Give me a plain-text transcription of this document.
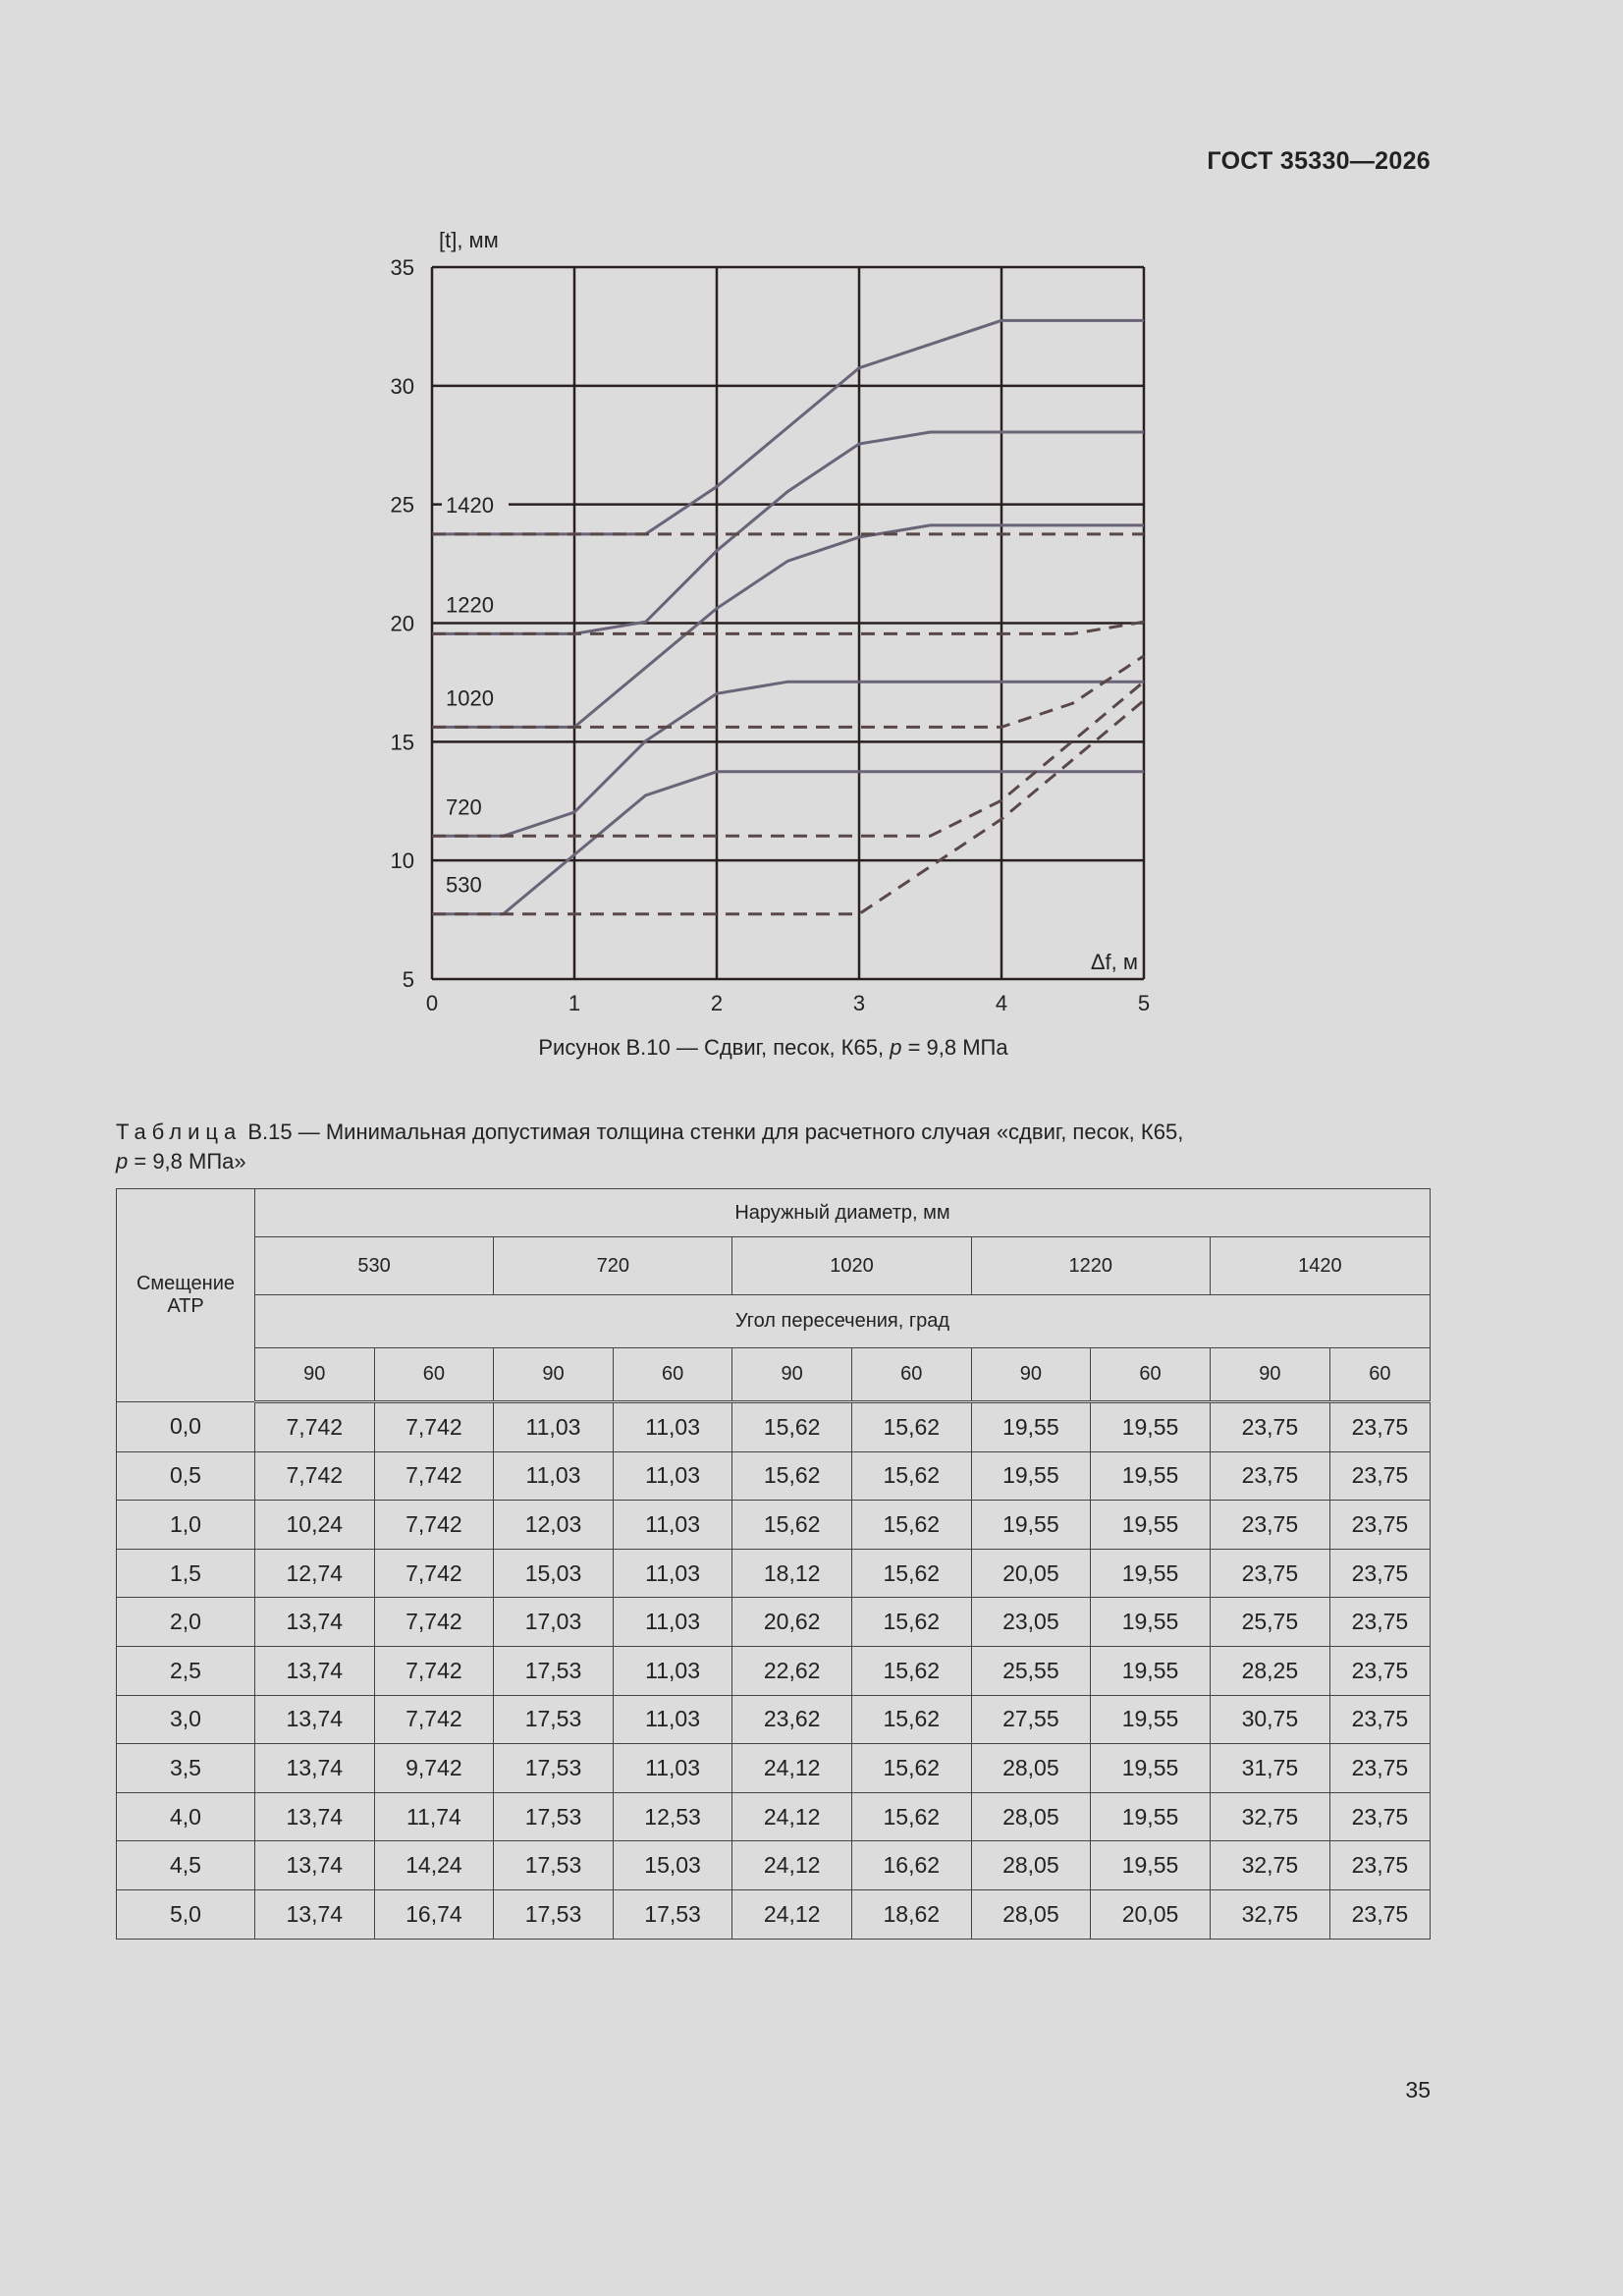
ГОСТ 35330—2026
0	1	2	3	4	5
5
10
15
20
25
30
35
[t], мм
Δf, м
1420
1220
1020
720
530
Рисунок В.10 — Сдвиг, песок, К65, p = 9,8 МПа
Таблица В.15 — Минимальная допустимая толщина стенки для расчетного случая «сдвиг, песок, К65,
p = 9,8 МПа»
Смещение АТР	Наружный диаметр, мм									
	530		720		1020		1220		1420	
	Угол пересечения, град									
	90	60	90	60	90	60	90	60	90	60
0,0	7,742	7,742	11,03	11,03	15,62	15,62	19,55	19,55	23,75	23,75
0,5	7,742	7,742	11,03	11,03	15,62	15,62	19,55	19,55	23,75	23,75
1,0	10,24	7,742	12,03	11,03	15,62	15,62	19,55	19,55	23,75	23,75
1,5	12,74	7,742	15,03	11,03	18,12	15,62	20,05	19,55	23,75	23,75
2,0	13,74	7,742	17,03	11,03	20,62	15,62	23,05	19,55	25,75	23,75
2,5	13,74	7,742	17,53	11,03	22,62	15,62	25,55	19,55	28,25	23,75
3,0	13,74	7,742	17,53	11,03	23,62	15,62	27,55	19,55	30,75	23,75
3,5	13,74	9,742	17,53	11,03	24,12	15,62	28,05	19,55	31,75	23,75
4,0	13,74	11,74	17,53	12,53	24,12	15,62	28,05	19,55	32,75	23,75
4,5	13,74	14,24	17,53	15,03	24,12	16,62	28,05	19,55	32,75	23,75
5,0	13,74	16,74	17,53	17,53	24,12	18,62	28,05	20,05	32,75	23,75
35
